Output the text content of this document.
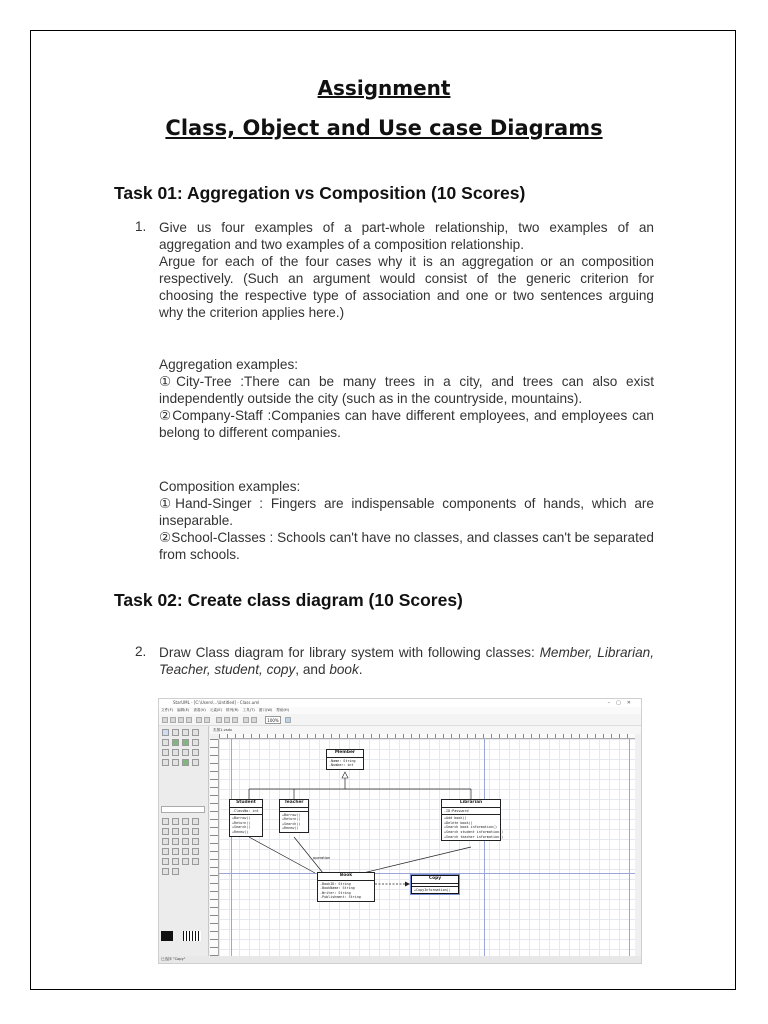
Assignment
Class, Object and Use case Diagrams
Task 01: Aggregation vs Composition (10 Scores)
1. Give us four examples of a part-whole relationship, two examples of an aggregation and two examples of a composition relationship.

Argue for each of the four cases why it is an aggregation or an composition respectively. (Such an argument would consist of the generic criterion for choosing the respective type of association and one or two sentences arguing why the criterion applies here.)

Aggregation examples:

①City-Tree :There can be many trees in a city, and trees can also exist independently outside the city (such as in the countryside, mountains).

②Company-Staff :Companies can have different employees, and employees can belong to different companies.

Composition examples:

①Hand-Singer : Fingers are indispensable components of hands, which are inseparable.

②School-Classes : Schools can't have no classes, and classes can't be separated from schools.

Task 02: Create class diagram (10 Scores)
2. Draw Class diagram for library system with following classes: Member, Librarian, Teacher, student, copy, and book.

StarUML - [C:\Users\...\Untitled] - Class.uml	–▢✕
文件(F) 编辑(E) 查看(V) 元素(E) 排列(R) 工具(T) 窗口(W) 帮助(H)
100%
类图1.vsdx
Member
-Name: String
-Number: int
Student
-ClassNo: int
+Borrow()
+Return()
+Search()
+Renew()
Teacher
+Borrow()
+Return()
+Search()
+Renew()
Librarian
-ID:Password
+Add book()
+Delete book()
+Search book information()
+Search student information()
+Search teacher information()
operation
Book
-BookID: String
-BookName: String
-Writer: String
-Publishment: String
Copy
+CopyInformation()
已选择 "Copy"
